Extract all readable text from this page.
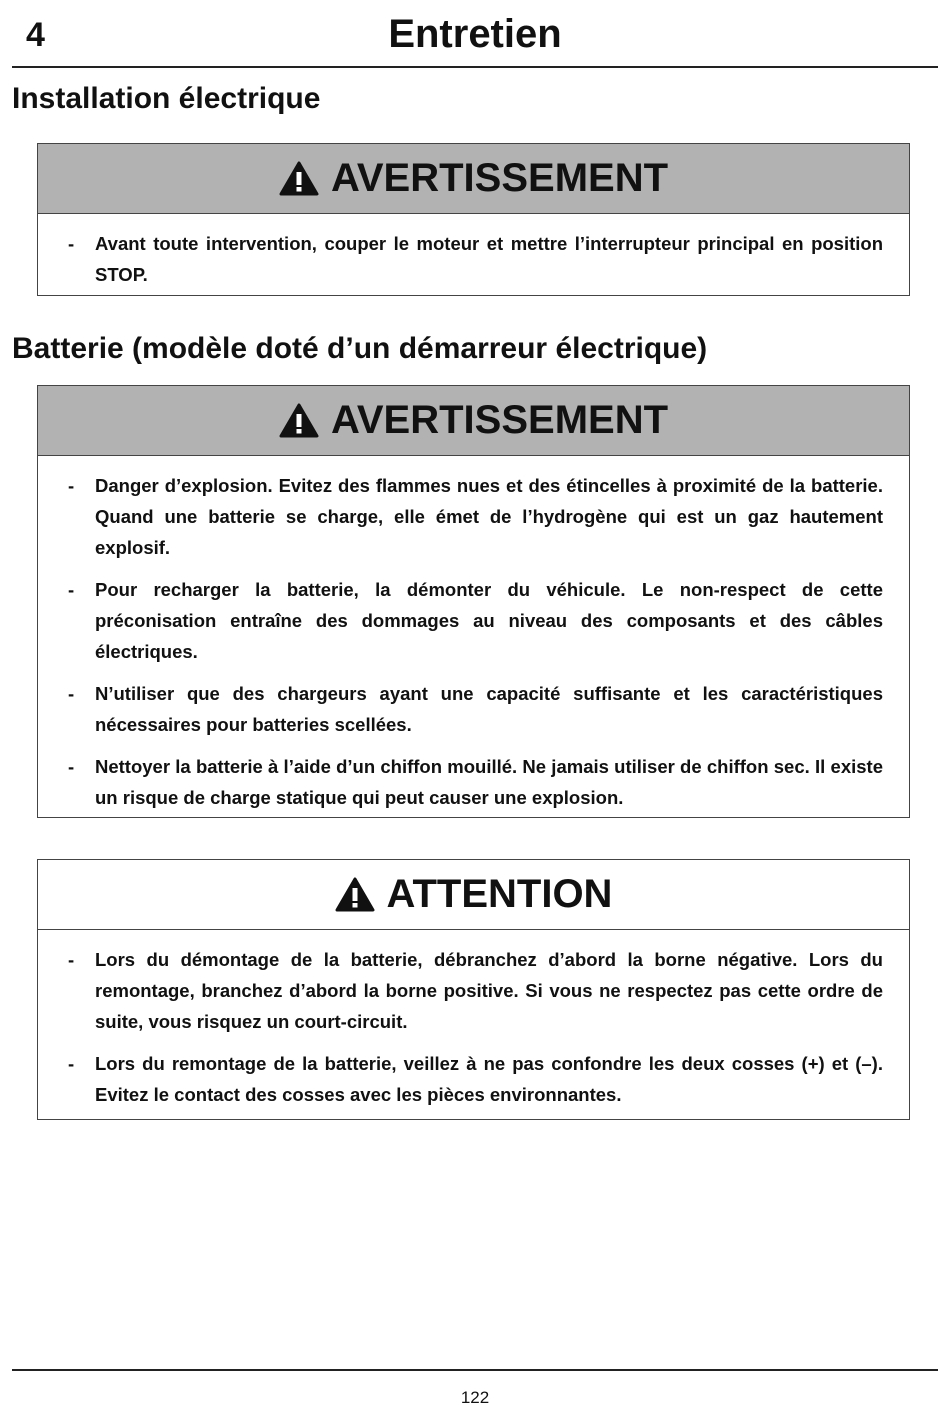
4	Entretien
Installation électrique
AVERTISSEMENT
- Avant toute intervention, couper le moteur et mettre l’interrupteur principal en position STOP.
Batterie (modèle doté d’un démarreur électrique)
AVERTISSEMENT
- Danger d’explosion. Evitez des flammes nues et des étincelles à proximité de la batterie. Quand une batterie se charge, elle émet de l’hydrogène qui est un gaz hautement explosif.
- Pour recharger la batterie, la démonter du véhicule. Le non-respect de cette préconisation entraîne des dommages au niveau des composants et des câbles électriques.
- N’utiliser que des chargeurs ayant une capacité suffisante et les caractéristiques nécessaires pour batteries scellées.
- Nettoyer la batterie à l’aide d’un chiffon mouillé. Ne jamais utiliser de chiffon sec. Il existe un risque de charge statique qui peut causer une explosion.
ATTENTION
- Lors du démontage de la batterie, débranchez d’abord la borne négative. Lors du remontage, branchez d’abord la borne positive. Si vous ne respectez pas cette ordre de suite, vous risquez un court-circuit.
- Lors du remontage de la batterie, veillez à ne pas confondre les deux cosses (+) et (–). Evitez le contact des cosses avec les pièces environnantes.
122
